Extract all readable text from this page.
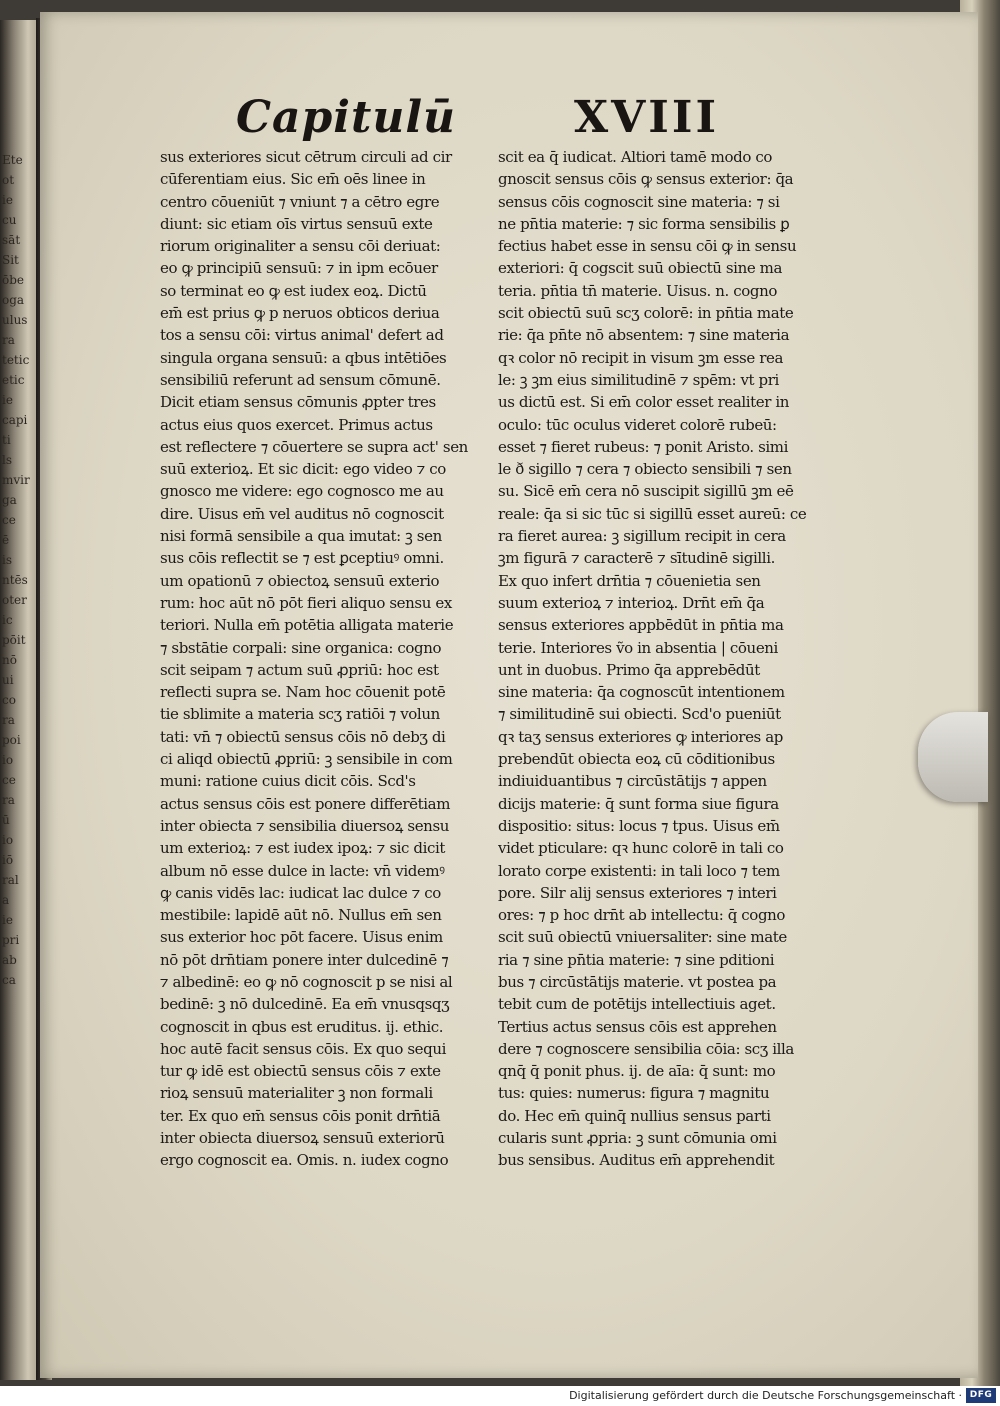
Ete
ot
ie
cu
sāt
Sit
ōbe
oga
ulus
ra
tetic
etic
ie
capi
ti
ls
mvir
ga
ce
ē
is
ntēs
oter
ic
pōit
nō
ui
co
ra
poi
io
ce
ra
ū
io
iō
ral
a
ie
pri
ab
ca
Capitulū	XVIII
sus exteriores sicut cētrum circuli ad cir
cūferentiam eius. Sic em̄ oēs linee in
centro cōueniūt ⁊ vniunt ⁊ a cētro egre
diunt: sic etiam oīs virtus sensuū exte
riorum originaliter a sensu cōi deriuat:
eo ꝙ principiū sensuū: ⁊ in ipm ecōuer
so terminat eo ꝙ est iudex eoꝝ. Dictū
em̄ est prius ꝙ p neruos obticos deriua
tos a sensu cōi: virtus animal' defert ad
singula organa sensuū: a qbus intētiōes
sensibiliū referunt ad sensum cōmunē.
Dicit etiam sensus cōmunis ꝓpter tres
actus eius quos exercet. Primus actus
est reflectere ⁊ cōuertere se supra act' sen
suū exterioꝝ. Et sic dicit: ego video ⁊ co
gnosco me videre: ego cognosco me au
dire. Uisus em̄ vel auditus nō cognoscit
nisi formā sensibile a qua imutat: ꝫ sen
sus cōis reflectit se ⁊ est ꝑceptiuꝰ omni.
um opationū ⁊ obiectoꝝ sensuū exterio
rum: hoc aūt nō pōt fieri aliquo sensu ex
teriori. Nulla em̄ potētia alligata materie
⁊ sbstātie corpali: sine organica: cogno
scit seipam ⁊ actum suū ꝓpriū: hoc est
reflecti supra se. Nam hoc cōuenit potē
tie sblimite a materia scʒ ratiōi ⁊ volun
tati: vn̄ ⁊ obiectū sensus cōis nō debʒ di
ci aliqd obiectū ꝓpriū: ꝫ sensibile in com
muni: ratione cuius dicit cōis. Scd's
actus sensus cōis est ponere differētiam
inter obiecta ⁊ sensibilia diuersoꝝ sensu
um exterioꝝ: ⁊ est iudex ipoꝝ: ⁊ sic dicit
album nō esse dulce in lacte: vn̄ videmꝰ
ꝙ canis vidēs lac: iudicat lac dulce ⁊ co
mestibile: lapidē aūt nō. Nullus em̄ sen
sus exterior hoc pōt facere. Uisus enim
nō pōt drn̄tiam ponere inter dulcedinē ⁊
⁊ albedinē: eo ꝙ nō cognoscit p se nisi al
bedinē: ꝫ nō dulcedinē. Ea em̄ vnusqsqʒ
cognoscit in qbus est eruditus. ij. ethic.
hoc autē facit sensus cōis. Ex quo sequi
tur ꝙ idē est obiectū sensus cōis ⁊ exte
rioꝝ sensuū materialiter ꝫ non formali
ter. Ex quo em̄ sensus cōis ponit drn̄tiā
inter obiecta diuersoꝝ sensuū exteriorū
ergo cognoscit ea. Omis. n. iudex cogno
scit ea q̄ iudicat. Altiori tamē modo co
gnoscit sensus cōis ꝙ sensus exterior: q̄a
sensus cōis cognoscit sine materia: ⁊ si
ne pn̄tia materie: ⁊ sic forma sensibilis ꝑ
fectius habet esse in sensu cōi ꝙ in sensu
exteriori: q̄ cogscit suū obiectū sine ma
teria. pn̄tia tn̄ materie. Uisus. n. cogno
scit obiectū suū scʒ colorē: in pn̄tia mate
rie: q̄a pn̄te nō absentem: ⁊ sine materia
qꝛ color nō recipit in visum ꝫm esse rea
le: ꝫ ꝫm eius similitudinē ⁊ spēm: vt pri
us dictū est. Si em̄ color esset realiter in
oculo: tūc oculus videret colorē rubeū:
esset ⁊ fieret rubeus: ⁊ ponit Aristo. simi
le ð sigillo ⁊ cera ⁊ obiecto sensibili ⁊ sen
su. Sicē em̄ cera nō suscipit sigillū ꝫm eē
reale: q̄a si sic tūc si sigillū esset aureū: ce
ra fieret aurea: ꝫ sigillum recipit in cera
ꝫm figurā ⁊ caracterē ⁊ sītudinē sigilli.
Ex quo infert drn̄tia ⁊ cōuenietia sen
suum exterioꝝ ⁊ interioꝝ. Drn̄t em̄ q̄a
sensus exteriores appbēdūt in pn̄tia ma
terie. Interiores ṽo in absentia | cōueni
unt in duobus. Primo q̄a apprebēdūt
sine materia: q̄a cognoscūt intentionem
⁊ similitudinē sui obiecti. Scd'o pueniūt
qꝛ taʒ sensus exteriores ꝙ interiores ap
prebendūt obiecta eoꝝ cū cōditionibus
indiuiduantibus ⁊ circūstātijs ⁊ appen
dicijs materie: q̄ sunt forma siue figura
dispositio: situs: locus ⁊ tpus. Uisus em̄
videt pticulare: qꝛ hunc colorē in tali co
lorato corpe existenti: in tali loco ⁊ tem
pore. Silr alij sensus exteriores ⁊ interi
ores: ⁊ p hoc drn̄t ab intellectu: q̄ cogno
scit suū obiectū vniuersaliter: sine mate
ria ⁊ sine pn̄tia materie: ⁊ sine pditioni
bus ⁊ circūstātijs materie. vt postea pa
tebit cum de potētijs intellectiuis aget.
Tertius actus sensus cōis est apprehen
dere ⁊ cognoscere sensibilia cōia: scʒ illa
qnq̄ q̄ ponit phus. ij. de aīa: q̄ sunt: mo
tus: quies: numerus: figura ⁊ magnitu
do. Hec em̄ quinq̄ nullius sensus parti
cularis sunt ꝓpria: ꝫ sunt cōmunia omi
bus sensibus. Auditus em̄ apprehendit
Digitalisierung gefördert durch die Deutsche Forschungsgemeinschaft · DFG
